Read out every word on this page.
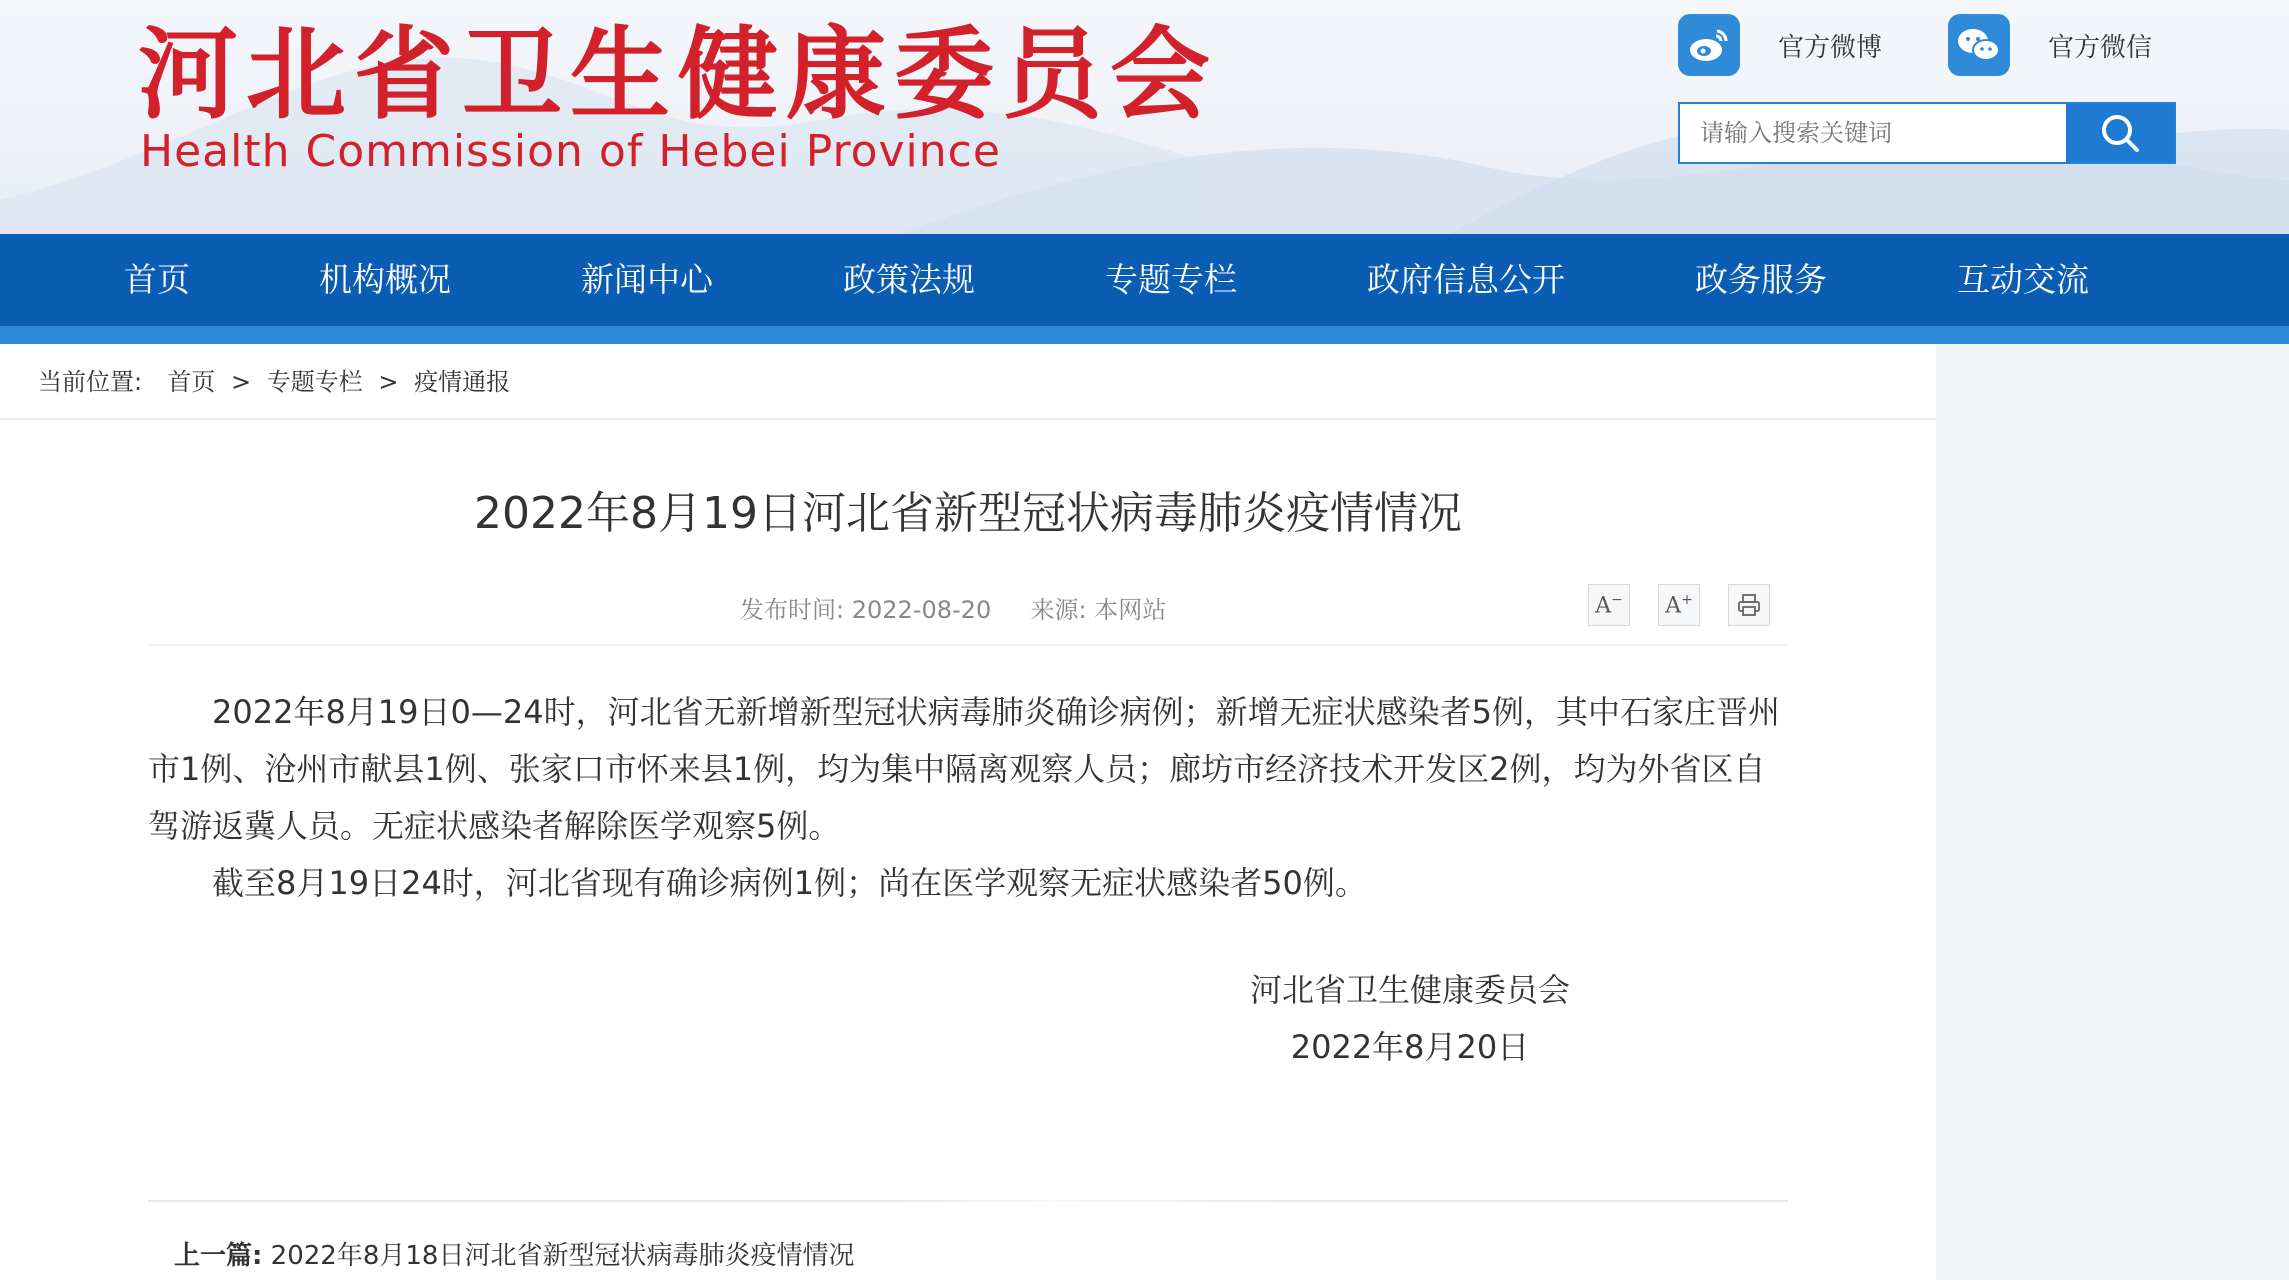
河北省卫生健康委员会
Health Commission of Hebei Province
官方微博	官方微信
请输入搜索关键词
首页	机构概况	新闻中心	政策法规	专题专栏	政府信息公开	政务服务	互动交流
当前位置: 首页 > 专题专栏 > 疫情通报
2022年8月19日河北省新型冠状病毒肺炎疫情情况
发布时间: 2022-08-20 来源: 本网站	A− A+

2022年8月19日0—24时，河北省无新增新型冠状病毒肺炎确诊病例；新增无症状感染者5例，其中石家庄晋州市1例、沧州市献县1例、张家口市怀来县1例，均为集中隔离观察人员；廊坊市经济技术开发区2例，均为外省区自驾游返冀人员。无症状感染者解除医学观察5例。

截至8月19日24时，河北省现有确诊病例1例；尚在医学观察无症状感染者50例。

河北省卫生健康委员会
2022年8月20日
上一篇: 2022年8月18日河北省新型冠状病毒肺炎疫情情况
